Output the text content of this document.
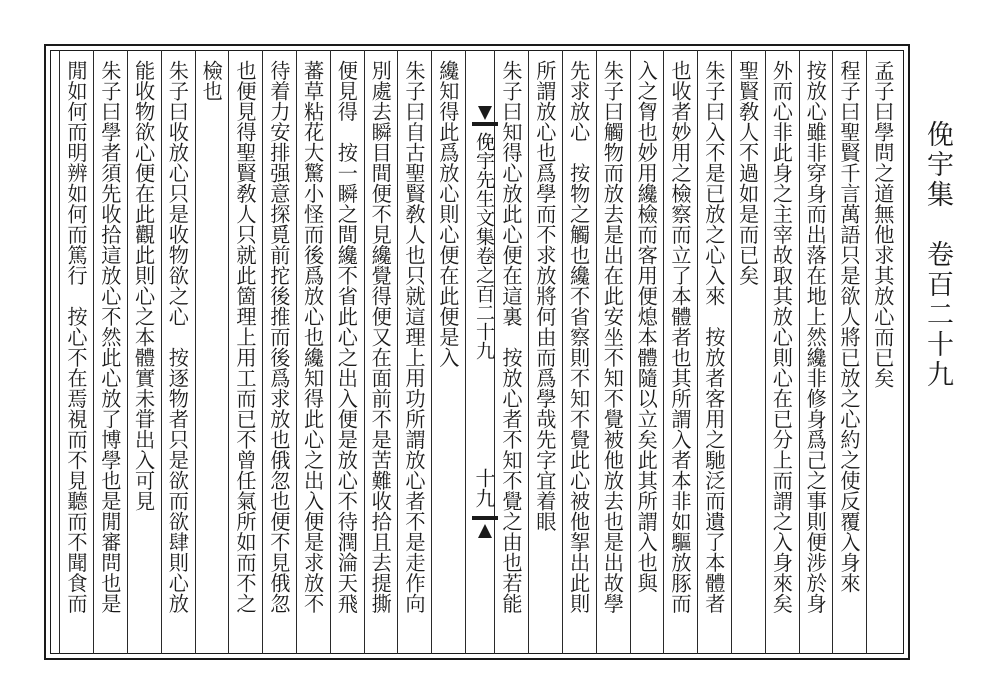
孟子曰學問之道無他求其放心而已矣
程子曰聖賢千言萬語只是欲人將已放之心約之使反覆入身來
按放心雖非穿身而出落在地上然纔非修身爲己之事則便涉於身
外而心非此身之主宰故取其放心則心在已分上而謂之入身來矣
聖賢敎人不過如是而已矣
朱子曰入不是已放之心入來　按放者客用之馳泛而遺了本體者
也收者妙用之檢察而立了本體者也其所謂入者本非如驅放豚而
入之胷也妙用纔檢而客用便熄本體隨以立矣此其所謂入也與
朱子曰觸物而放去是出在此安坐不知不覺被他放去也是出故學
先求放心　按物之觸也纔不省察則不知不覺此心被他挐出此則
所謂放心也爲學而不求放將何由而爲學哉先字宜着眼
朱子曰知得心放此心便在這裏　按放心者不知不覺之由也若能
纔知得此爲放心則心便在此便是入
朱子曰自古聖賢敎人也只就這理上用功所謂放心者不是走作向
別處去瞬目間便不見纔覺得便又在面前不是苦難收拾且去提撕
便見得　按一瞬之間纔不省此心之出入便是放心不待潤淪天飛
蕃草粘花大驚小怪而後爲放心也纔知得此心之出入便是求放不
待着力安排强意探覓前拕後推而後爲求放也俄忽也便不見俄忽
也便見得聖賢敎人只就此箇理上用工而已不曾任氣所如而不之
檢也
朱子曰收放心只是收物欲之心　按逐物者只是欲而欲肆則心放
能收物欲心便在此觀此則心之本體實未甞出入可見
朱子曰學者須先收拾這放心不然此心放了博學也是閒審問也是
閒如何而明辨如何而篤行　按心不在焉視而不見聽而不聞食而	俛宇先生文集卷之百二十九
十九
俛宇集　卷百二十九
